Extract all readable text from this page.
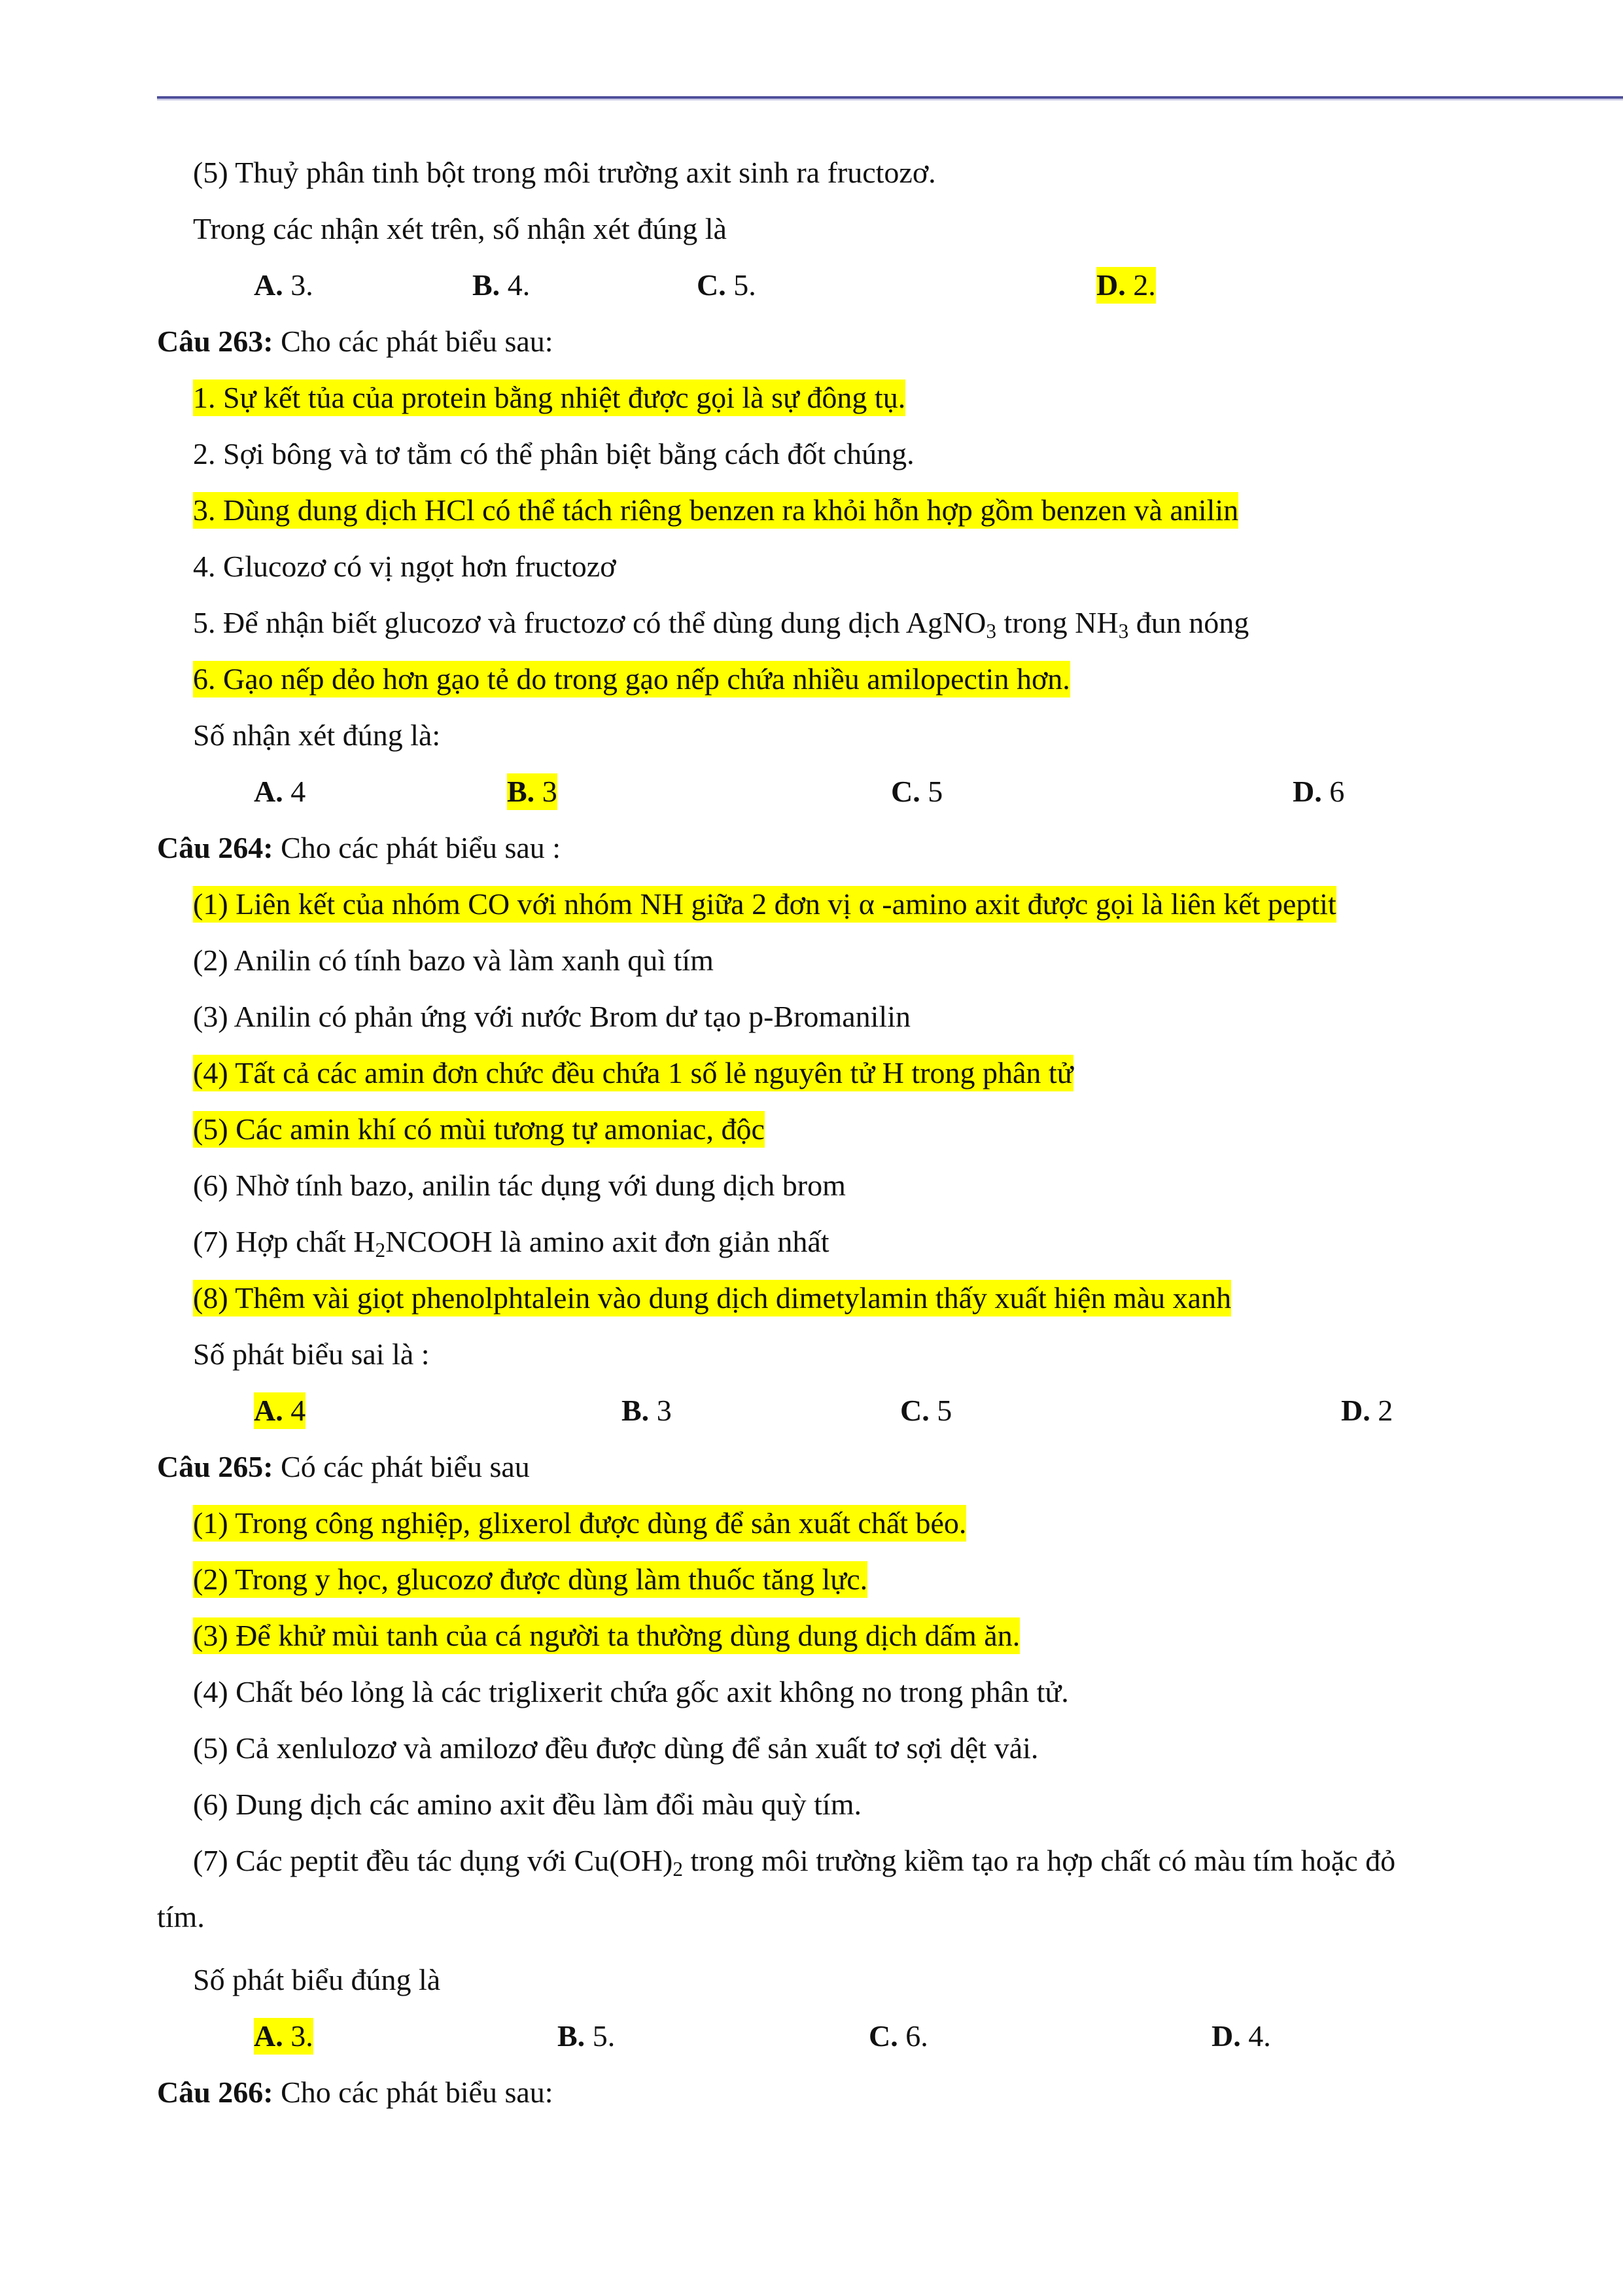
(5) Thuỷ phân tinh bột trong môi trường axit sinh ra fructozơ.
Trong các nhận xét trên, số nhận xét đúng là
A. 3.	B. 4.	C. 5.	D. 2.
Câu 263: Cho các phát biểu sau:
1. Sự kết tủa của protein bằng nhiệt được gọi là sự đông tụ.
2. Sợi bông và tơ tằm có thể phân biệt bằng cách đốt chúng.
3. Dùng dung dịch HCl có thể tách riêng benzen ra khỏi hỗn hợp gồm benzen và anilin
4. Glucozơ có vị ngọt hơn fructozơ
5. Để nhận biết glucozơ và fructozơ có thể dùng dung dịch AgNO$_3$ trong $NH_3$ đun nóng
6. Gạo nếp dẻo hơn gạo tẻ do trong gạo nếp chứa nhiều amilopectin hơn.
Số nhận xét đúng là:
A. 4	B. 3	C. 5	D. 6
Câu 264: Cho các phát biểu sau :
(1) Liên kết của nhóm CO với nhóm NH giữa 2 đơn vị α -amino axit được gọi là liên kết peptit
(2) Anilin có tính bazo và làm xanh quì tím
(3) Anilin có phản ứng với nước Brom dư tạo p-Bromanilin
(4) Tất cả các amin đơn chức đều chứa 1 số lẻ nguyên tử H trong phân tử
(5) Các amin khí có mùi tương tự amoniac, độc
(6) Nhờ tính bazo, anilin tác dụng với dung dịch brom
(7) Hợp chất $H_2NCOOH$ là amino axit đơn giản nhất
(8) Thêm vài giọt phenolphtalein vào dung dịch dimetylamin thấy xuất hiện màu xanh
Số phát biểu sai là :
A. 4	B. 3	C. 5	D. 2
Câu 265: Có các phát biểu sau
(1) Trong công nghiệp, glixerol được dùng để sản xuất chất béo.
(2) Trong y học, glucozơ được dùng làm thuốc tăng lực.
(3) Để khử mùi tanh của cá người ta thường dùng dung dịch dấm ăn.
(4) Chất béo lỏng là các triglixerit chứa gốc axit không no trong phân tử.
(5) Cả xenlulozơ và amilozơ đều được dùng để sản xuất tơ sợi dệt vải.
(6) Dung dịch các amino axit đều làm đổi màu quỳ tím.
(7) Các peptit đều tác dụng với $Cu(OH)_2$ trong môi trường kiềm tạo ra hợp chất có màu tím hoặc đỏ
tím.
Số phát biểu đúng là
A. 3.	B. 5.	C. 6.	D. 4.
Câu 266: Cho các phát biểu sau:
